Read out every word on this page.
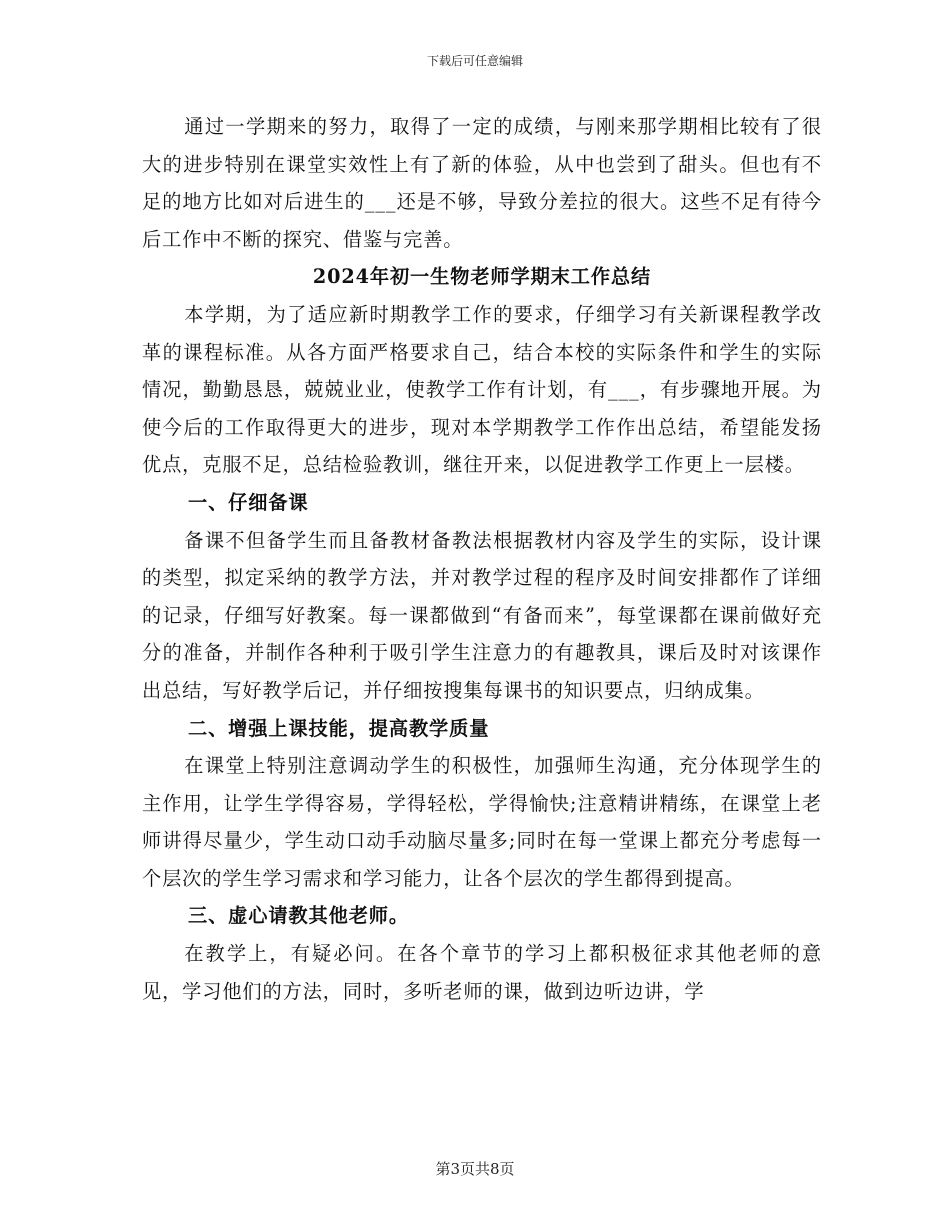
下载后可任意编辑

通过一学期来的努力，取得了一定的成绩，与刚来那学期相比较有了很大的进步特别在课堂实效性上有了新的体验，从中也尝到了甜头。但也有不足的地方比如对后进生的___还是不够，导致分差拉的很大。这些不足有待今后工作中不断的探究、借鉴与完善。

2024年初一生物老师学期末工作总结

本学期，为了适应新时期教学工作的要求，仔细学习有关新课程教学改革的课程标准。从各方面严格要求自己，结合本校的实际条件和学生的实际情况，勤勤恳恳，兢兢业业，使教学工作有计划，有___，有步骤地开展。为使今后的工作取得更大的进步，现对本学期教学工作作出总结，希望能发扬优点，克服不足，总结检验教训，继往开来，以促进教学工作更上一层楼。

一、仔细备课

备课不但备学生而且备教材备教法根据教材内容及学生的实际，设计课的类型，拟定采纳的教学方法，并对教学过程的程序及时间安排都作了详细的记录，仔细写好教案。每一课都做到“有备而来”，每堂课都在课前做好充分的准备，并制作各种利于吸引学生注意力的有趣教具，课后及时对该课作出总结，写好教学后记，并仔细按搜集每课书的知识要点，归纳成集。

二、增强上课技能，提高教学质量

在课堂上特别注意调动学生的积极性，加强师生沟通，充分体现学生的主作用，让学生学得容易，学得轻松，学得愉快;注意精讲精练，在课堂上老师讲得尽量少，学生动口动手动脑尽量多;同时在每一堂课上都充分考虑每一个层次的学生学习需求和学习能力，让各个层次的学生都得到提高。

三、虚心请教其他老师。

在教学上，有疑必问。在各个章节的学习上都积极征求其他老师的意见，学习他们的方法，同时，多听老师的课，做到边听边讲，学

第3页共8页
